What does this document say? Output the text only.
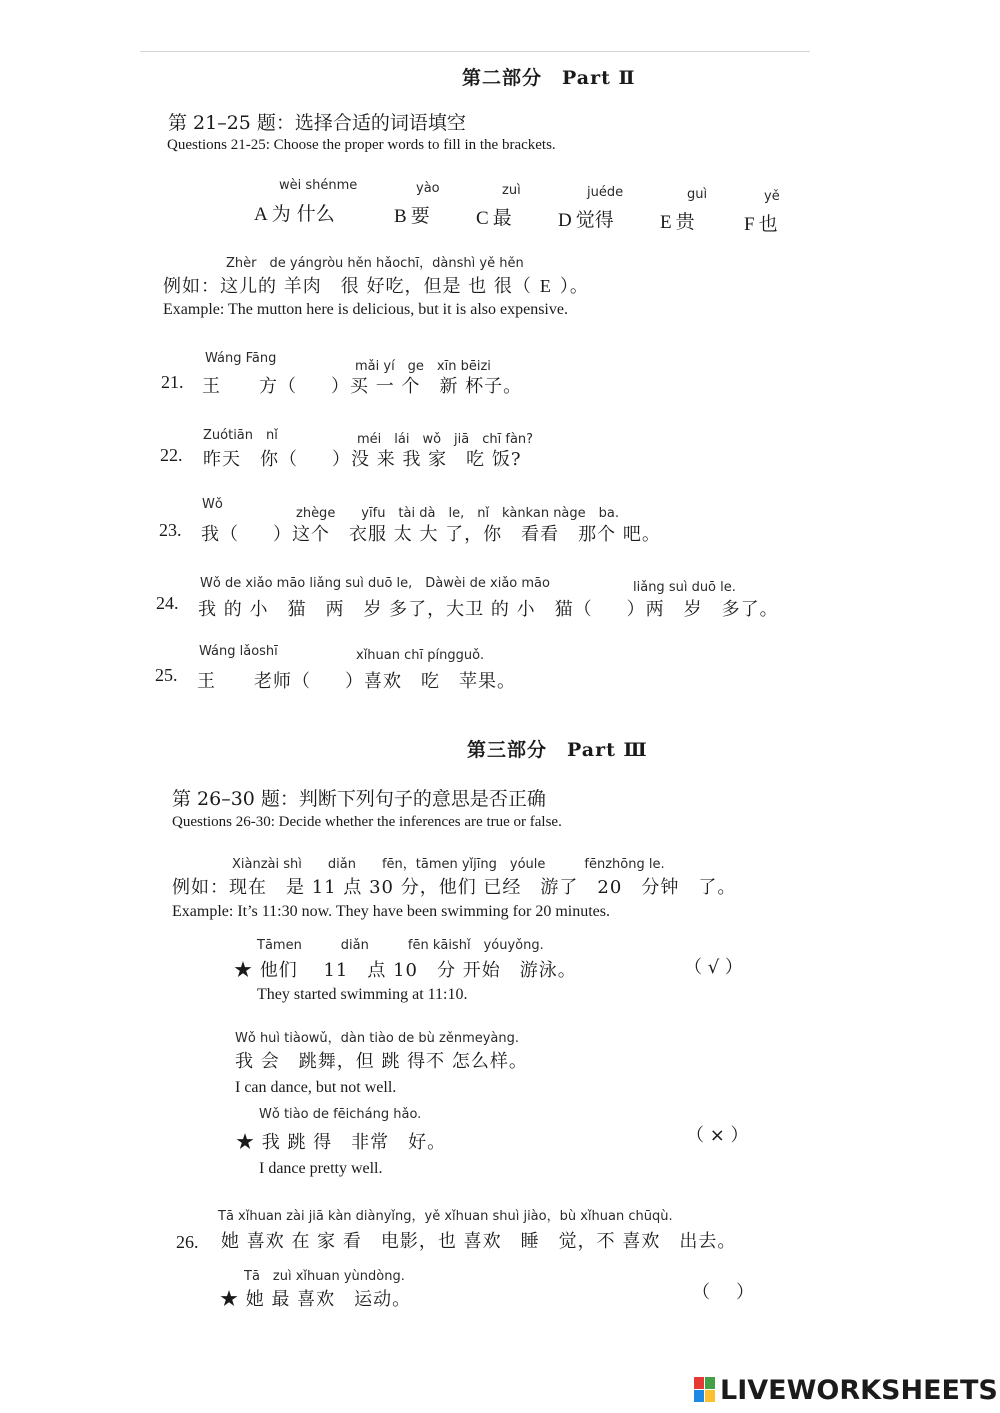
第二部分　Part Ⅱ
第 21–25 题：选择合适的词语填空
Questions 21-25: Choose the proper words to fill in the brackets.
wèi shénme
A 为 什么
yào
B 要
zuì
C 最
juéde
D 觉得
guì
E 贵
yě
F 也
Zhèr　de yángròu hěn hǎochī，dànshì yě hěn
例如：这儿的 羊肉　很 好吃，但是 也 很（ E ）。
Example: The mutton here is delicious, but it is also expensive.
Wáng Fāng
mǎi yí　ge　xīn bēizi
21. 王　　方（ ）买 一 个　新 杯子。
Zuótiān　nǐ	méi　lái　wǒ　jiā　chī fàn?
22. 昨天　你（ ）没 来 我 家　吃 饭?
Wǒ
zhège　　yīfu　tài dà　le,　nǐ　kànkan nàge　ba.
23. 我（ ）这个　衣服 太 大 了，你　看看　那个 吧。
Wǒ de xiǎo māo liǎng suì duō le,　Dàwèi de xiǎo māo	liǎng suì duō le.
24. 我 的 小　猫　两　岁 多了，大卫 的 小　猫（ ）两　岁　多了。
Wáng lǎoshī	xǐhuan chī píngguǒ.
25. 王　　老师（ ）喜欢　吃　苹果。
第三部分　Part Ⅲ
第 26–30 题：判断下列句子的意思是否正确
Questions 26-30: Decide whether the inferences are true or false.
Xiànzài shì　　diǎn　　fēn，tāmen yǐjīng　yóule　　　fēnzhōng le.
例如：现在　是 11 点 30 分，他们 已经　游了　20　分钟　了。
Example: It’s 11:30 now. They have been swimming for 20 minutes.
Tāmen　　　diǎn　　　fēn kāishǐ　yóuyǒng.
★ 他们　 11　点 10　分 开始　游泳。	（ √ ）
They started swimming at 11:10.
Wǒ huì tiàowǔ，dàn tiào de bù zěnmeyàng.
我 会　跳舞，但 跳 得不 怎么样。
I can dance, but not well.
Wǒ tiào de fēicháng hǎo.
★ 我 跳 得　非常　好。	（ × ）
I dance pretty well.
Tā xǐhuan zài jiā kàn diànyǐng，yě xǐhuan shuì jiào，bù xǐhuan chūqù.
26. 她 喜欢 在 家 看　电影，也 喜欢　睡　觉，不 喜欢　出去。
Tā　zuì xǐhuan yùndòng.
★ 她 最 喜欢　运动。	（ ）
LIVEWORKSHEETS
